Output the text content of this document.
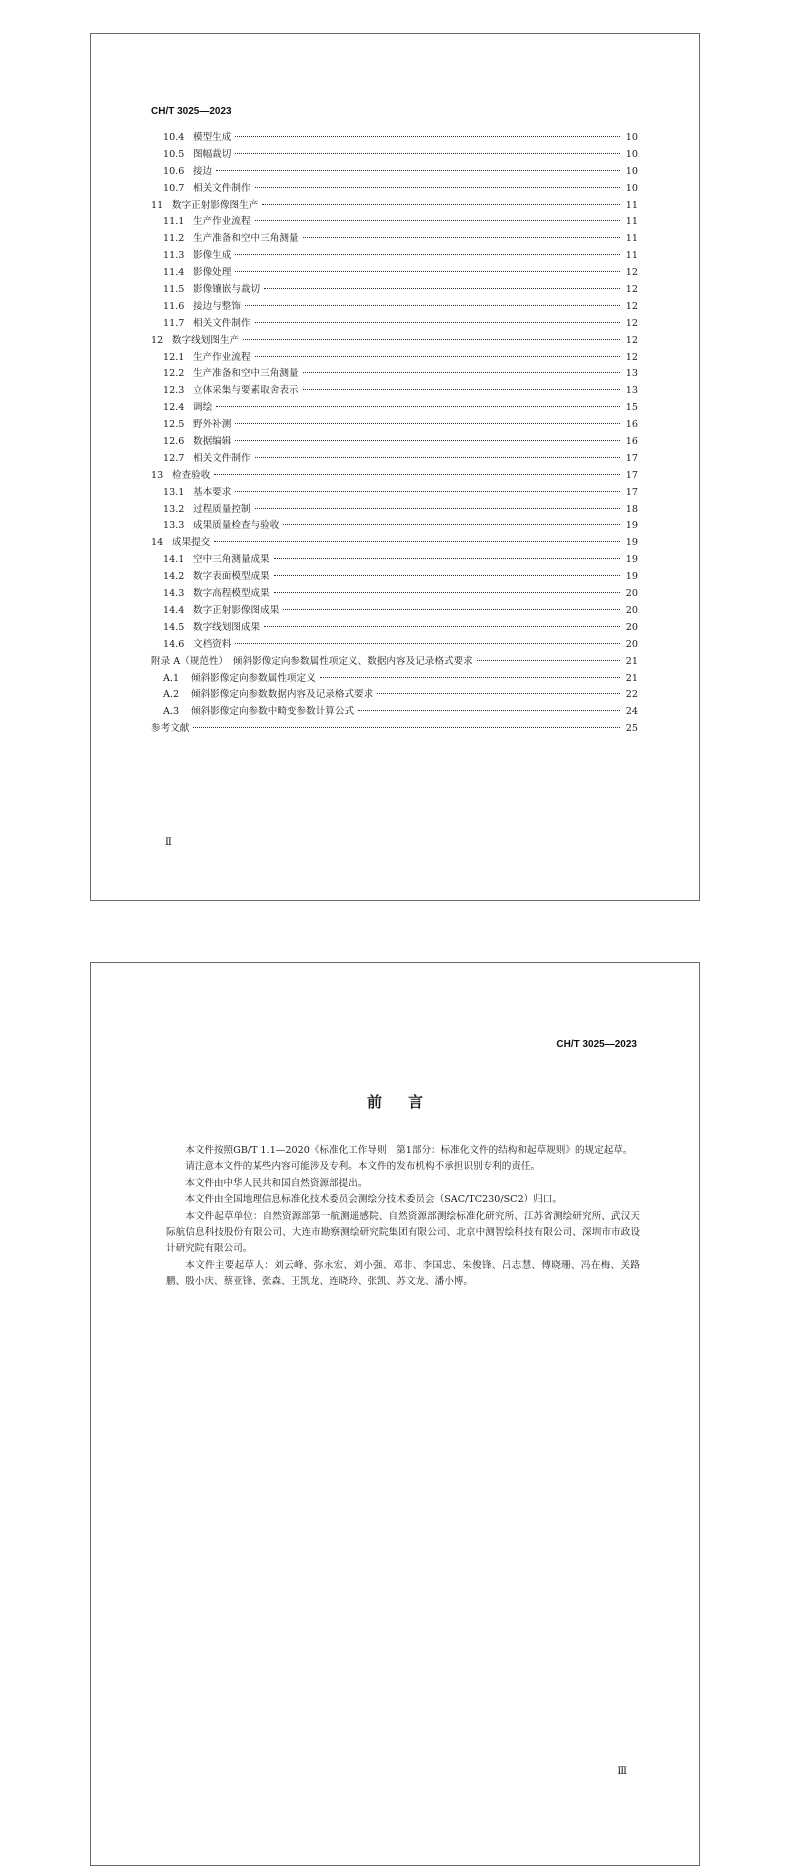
CH/T 3025—2023
10.4 模型生成	10
10.5 图幅裁切	10
10.6 接边	10
10.7 相关文件制作	10
11 数字正射影像图生产	11
11.1 生产作业流程	11
11.2 生产准备和空中三角测量	11
11.3 影像生成	11
11.4 影像处理	12
11.5 影像镶嵌与裁切	12
11.6 接边与整饰	12
11.7 相关文件制作	12
12 数字线划图生产	12
12.1 生产作业流程	12
12.2 生产准备和空中三角测量	13
12.3 立体采集与要素取舍表示	13
12.4 调绘	15
12.5 野外补测	16
12.6 数据编辑	16
12.7 相关文件制作	17
13 检查验收	17
13.1 基本要求	17
13.2 过程质量控制	18
13.3 成果质量检查与验收	19
14 成果提交	19
14.1 空中三角测量成果	19
14.2 数字表面模型成果	19
14.3 数字高程模型成果	20
14.4 数字正射影像图成果	20
14.5 数字线划图成果	20
14.6 文档资料	20
附录 A（规范性）　倾斜影像定向参数属性项定义、数据内容及记录格式要求	21
A.1	倾斜影像定向参数属性项定义	21
A.2	倾斜影像定向参数数据内容及记录格式要求	22
A.3	倾斜影像定向参数中畸变参数计算公式	24
参考文献	25
Ⅱ
CH/T 3025—2023
前言

本文件按照GB/T 1.1—2020《标准化工作导则　第1部分：标准化文件的结构和起草规则》的规定起草。

请注意本文件的某些内容可能涉及专利。本文件的发布机构不承担识别专利的责任。

本文件由中华人民共和国自然资源部提出。

本文件由全国地理信息标准化技术委员会测绘分技术委员会（SAC/TC230/SC2）归口。

本文件起草单位：自然资源部第一航测遥感院、自然资源部测绘标准化研究所、江苏省测绘研究所、武汉天际航信息科技股份有限公司、大连市勘察测绘研究院集团有限公司、北京中测智绘科技有限公司、深圳市市政设计研究院有限公司。

本文件主要起草人：刘云峰、弥永宏、刘小强、邓非、李国忠、朱俊锋、吕志慧、傅晓珊、冯在梅、关路鹏、殷小庆、蔡亚锋、张森、王凯龙、连晓玲、张凯、苏文龙、潘小博。

Ⅲ
